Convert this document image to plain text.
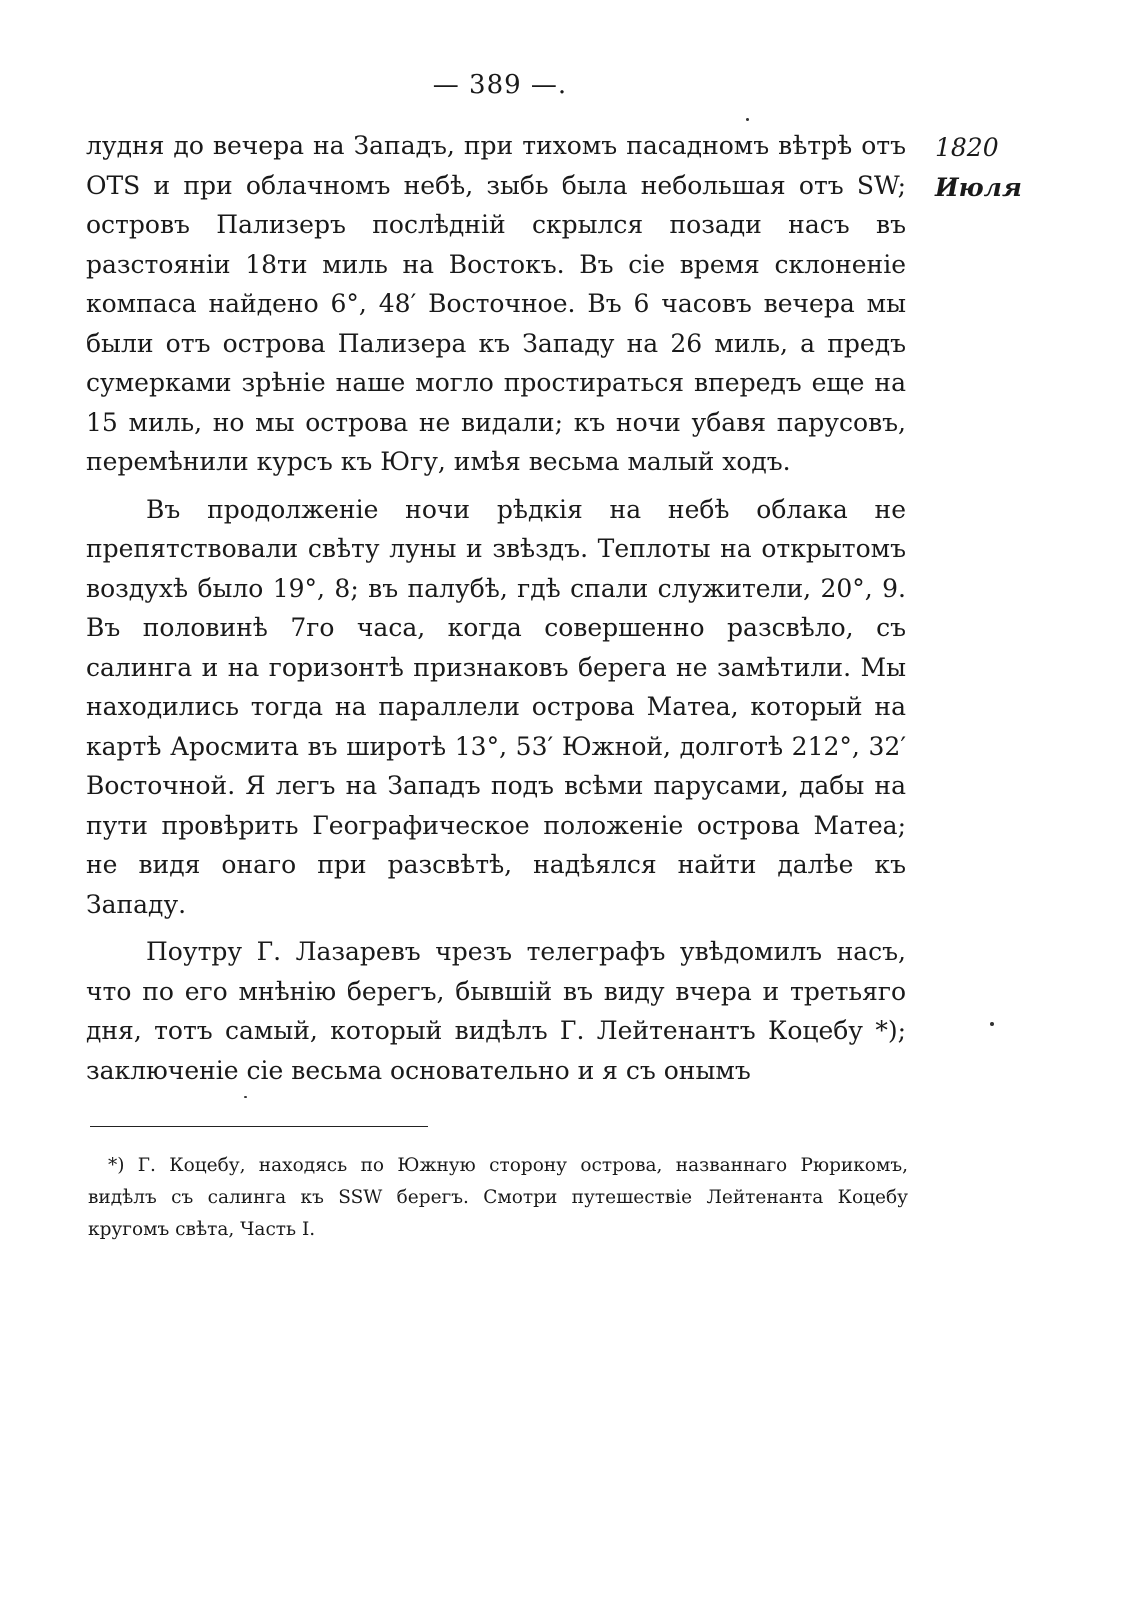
— 389 —.
1820
Июля

лудня до вечера на Западъ, при тихомъ пасадномъ вѣтрѣ отъ OTS и при облачномъ небѣ, зыбь была небольшая отъ SW; островъ Пализеръ послѣдній скрылся позади насъ въ разстояніи 18ти миль на Востокъ. Въ сіе время склоненіе компаса найдено 6°, 48′ Восточное. Въ 6 часовъ вечера мы были отъ острова Пализера къ Западу на 26 миль, а предъ сумерками зрѣніе наше могло простираться впередъ еще на 15 миль, но мы острова не видали; къ ночи убавя парусовъ, перемѣнили курсъ къ Югу, имѣя весьма малый ходъ.

Въ продолженіе ночи рѣдкія на небѣ облака не препятствовали свѣту луны и звѣздъ. Теплоты на открытомъ воздухѣ было 19°, 8; въ палубѣ, гдѣ спали служители, 20°, 9. Въ половинѣ 7го часа, когда совершенно разсвѣло, съ салинга и на горизонтѣ признаковъ берега не замѣтили. Мы находились тогда на параллели острова Матеа, который на картѣ Аросмита въ широтѣ 13°, 53′ Южной, долготѣ 212°, 32′ Восточной. Я легъ на Западъ подъ всѣми парусами, дабы на пути провѣрить Географическое положеніе острова Матеа; не видя онаго при разсвѣтѣ, надѣялся найти далѣе къ Западу.

Поутру Г. Лазаревъ чрезъ телеграфъ увѣдомилъ насъ, что по его мнѣнію берегъ, бывшій въ виду вчера и третьяго дня, тотъ самый, который видѣлъ Г. Лейтенантъ Коцебу *); заключеніе сіе весьма основательно и я съ онымъ

*) Г. Коцебу, находясь по Южную сторону острова, названнаго Рюрикомъ, видѣлъ съ салинга къ SSW берегъ. Смотри путешествіе Лейтенанта Коцебу кругомъ свѣта, Часть I.
